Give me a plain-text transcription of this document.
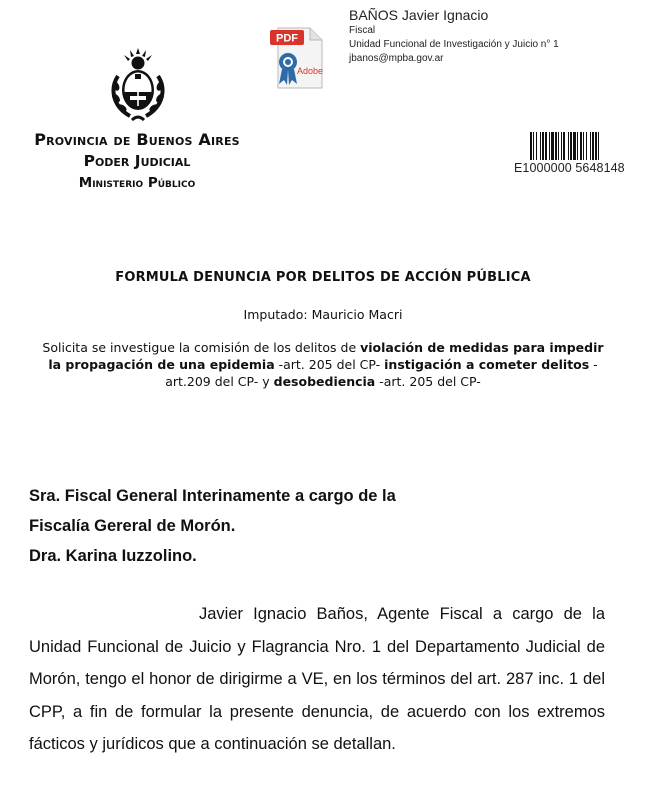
PDF
Adobe
BAÑOS Javier Ignacio
Fiscal
Unidad Funcional de Investigación y Juicio n° 1
jbanos@mpba.gov.ar
Provincia de Buenos Aires
Poder Judicial
Ministerio Público
E1000000 5648148
FORMULA DENUNCIA POR DELITOS DE ACCIÓN PÚBLICA
Imputado: Mauricio Macri
Solicita se investigue la comisión de los delitos de violación de medidas para impedir la propagación de una epidemia -art. 205 del CP- instigación a cometer delitos -art.209 del CP- y desobediencia -art. 205 del CP-
Sra. Fiscal General Interinamente a cargo de la
Fiscalía Gereral de Morón.
Dra. Karina Iuzzolino.
Javier Ignacio Baños, Agente Fiscal a cargo de la Unidad Funcional de Juicio y Flagrancia Nro. 1 del Departamento Judicial de Morón, tengo el honor de dirigirme a VE, en los términos del art. 287 inc. 1 del CPP, a fin de formular la presente denuncia, de acuerdo con los extremos fácticos y jurídicos que a continuación se detallan.
